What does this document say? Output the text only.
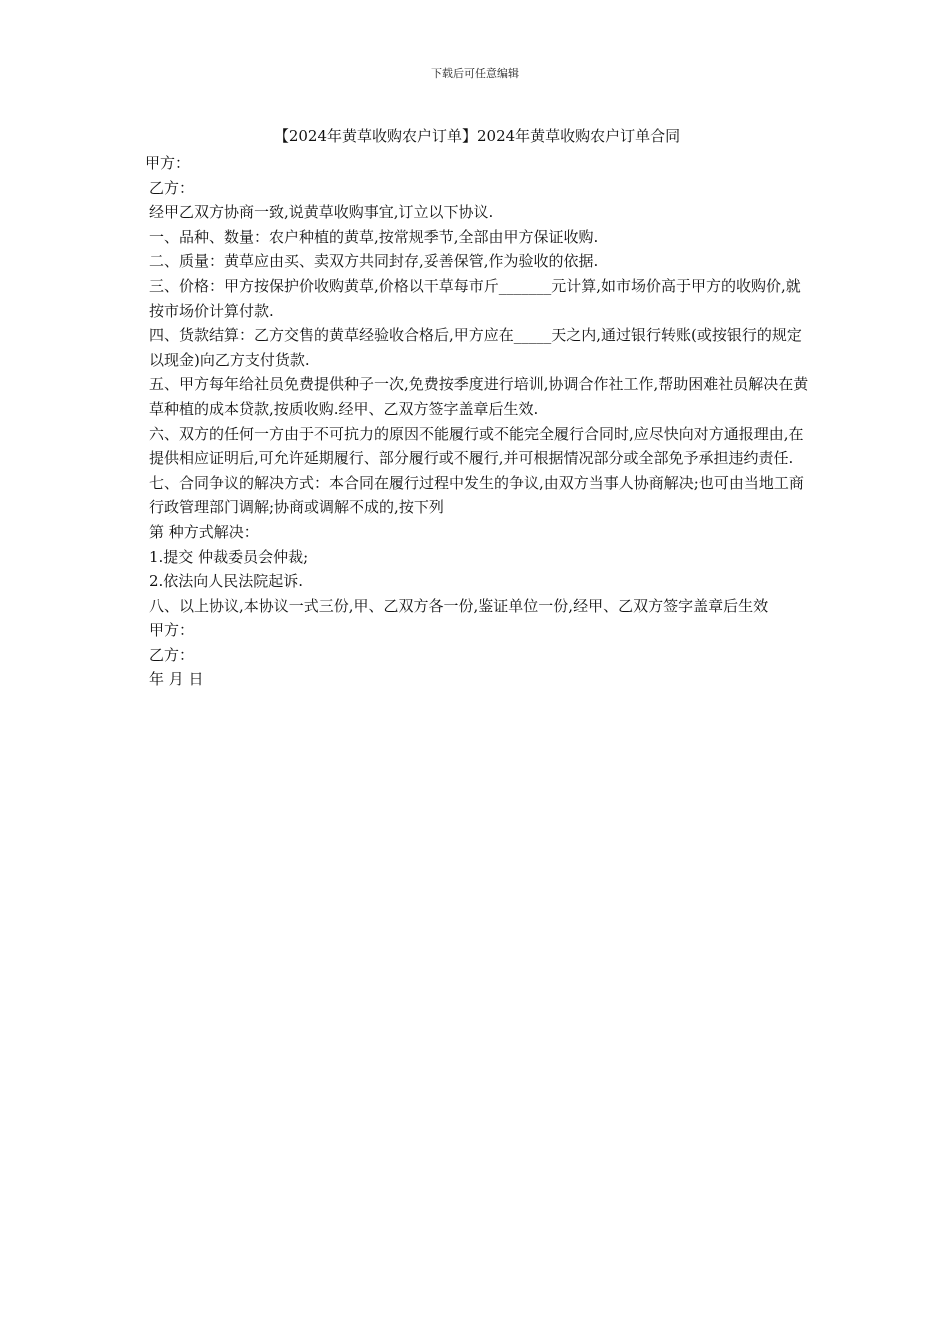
下载后可任意编辑
【2024年黄草收购农户订单】2024年黄草收购农户订单合同

甲方：

乙方：

经甲乙双方协商一致,说黄草收购事宜,订立以下协议.

一、品种、数量：农户种植的黄草,按常规季节,全部由甲方保证收购.

二、质量：黄草应由买、卖双方共同封存,妥善保管,作为验收的依据.

三、价格：甲方按保护价收购黄草,价格以干草每市斤_______元计算,如市场价高于甲方的收购价,就按市场价计算付款.

四、货款结算：乙方交售的黄草经验收合格后,甲方应在_____天之内,通过银行转账(或按银行的规定以现金)向乙方支付货款.

五、甲方每年给社员免费提供种子一次,免费按季度进行培训,协调合作社工作,帮助困难社员解决在黄草种植的成本贷款,按质收购.经甲、乙双方签字盖章后生效.

六、双方的任何一方由于不可抗力的原因不能履行或不能完全履行合同时,应尽快向对方通报理由,在提供相应证明后,可允许延期履行、部分履行或不履行,并可根据情况部分或全部免予承担违约责任.

七、合同争议的解决方式：本合同在履行过程中发生的争议,由双方当事人协商解决;也可由当地工商行政管理部门调解;协商或调解不成的,按下列

第 种方式解决：

1.提交 仲裁委员会仲裁;

2.依法向人民法院起诉.

八、以上协议,本协议一式三份,甲、乙双方各一份,鉴证单位一份,经甲、乙双方签字盖章后生效

甲方：

乙方：

年 月 日
